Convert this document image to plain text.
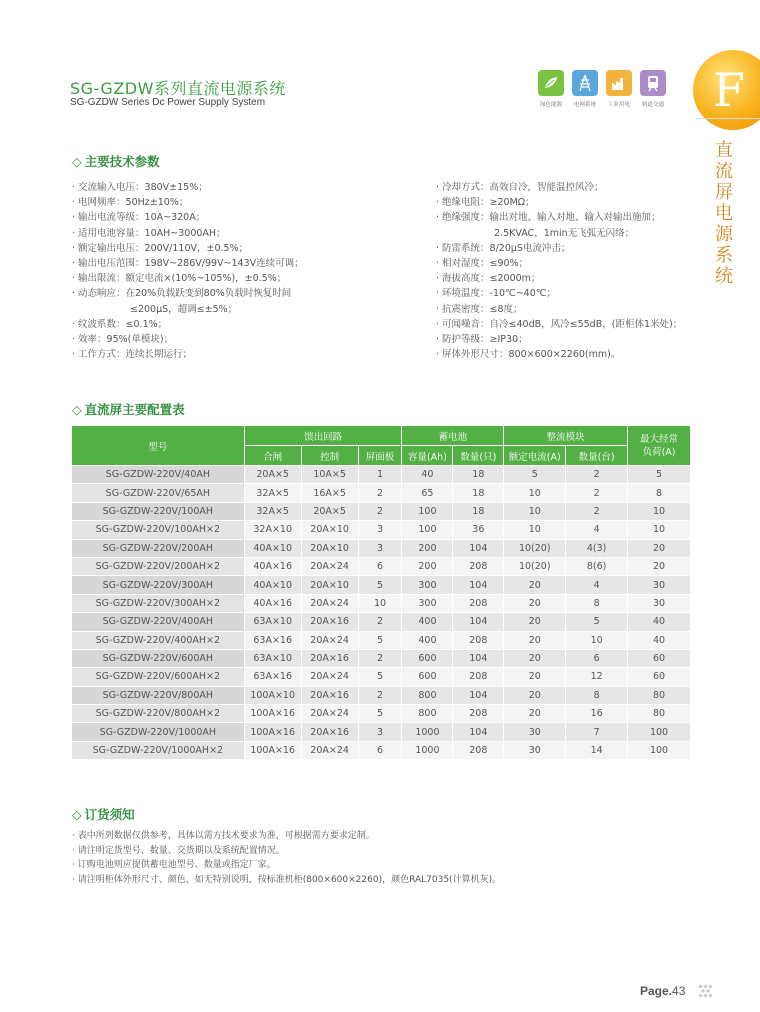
SG-GZDW系列直流电源系统
SG-GZDW Series Dc Power Supply System	绿色能源	电网系统	工业用电	轨道交通	F
直
流
屏
电
源
系
统
◇ 主要技术参数
· 交流输入电压：380V±15%；
· 电网频率：50Hz±10%；
· 输出电流等级：10A~320A；
· 适用电池容量：10AH~3000AH；
· 额定输出电压：200V/110V，±0.5%；
· 输出电压范围：198V~286V/99V~143V连续可调；
· 输出限流：额定电流×(10%~105%)，±0.5%；
· 动态响应：在20%负载跃变到80%负载时恢复时间
≤200μS，超调≤±5%；
· 纹波系数：≤0.1%；
· 效率：95%(单模块)；
· 工作方式：连续长期运行；
· 冷却方式：高效自冷，智能温控风冷；
· 绝缘电阻：≥20MΩ；
· 绝缘强度：输出对地、输入对地、输入对输出施加；
2.5KVAC，1min无飞弧无闪络；
· 防雷系统：8/20μS电流冲击；
· 相对湿度：≤90%；
· 海拔高度：≤2000m；
· 环境温度：-10℃~40℃；
· 抗震密度：≤8度；
· 可闻噪音：自冷≤40dB，风冷≤55dB，(距柜体1米处)；
· 防护等级：≥IP30；
· 屏体外形尺寸：800×600×2260(mm)。
◇ 直流屏主要配置表
型号	馈出回路			蓄电池		整流模块		最大经常
负荷(A)
	合闸	控制	屏面板	容量(Ah)	数量(只)	额定电流(A)	数量(台)	
SG-GZDW-220V/40AH	20A×5	10A×5	1	40	18	5	2	5
SG-GZDW-220V/65AH	32A×5	16A×5	2	65	18	10	2	8
SG-GZDW-220V/100AH	32A×5	20A×5	2	100	18	10	2	10
SG-GZDW-220V/100AH×2	32A×10	20A×10	3	100	36	10	4	10
SG-GZDW-220V/200AH	40A×10	20A×10	3	200	104	10(20)	4(3)	20
SG-GZDW-220V/200AH×2	40A×16	20A×24	6	200	208	10(20)	8(6)	20
SG-GZDW-220V/300AH	40A×10	20A×10	5	300	104	20	4	30
SG-GZDW-220V/300AH×2	40A×16	20A×24	10	300	208	20	8	30
SG-GZDW-220V/400AH	63A×10	20A×16	2	400	104	20	5	40
SG-GZDW-220V/400AH×2	63A×16	20A×24	5	400	208	20	10	40
SG-GZDW-220V/600AH	63A×10	20A×16	2	600	104	20	6	60
SG-GZDW-220V/600AH×2	63A×16	20A×24	5	600	208	20	12	60
SG-GZDW-220V/800AH	100A×10	20A×16	2	800	104	20	8	80
SG-GZDW-220V/800AH×2	100A×16	20A×24	5	800	208	20	16	80
SG-GZDW-220V/1000AH	100A×16	20A×16	3	1000	104	30	7	100
SG-GZDW-220V/1000AH×2	100A×16	20A×24	6	1000	208	30	14	100
◇ 订货须知
· 表中所列数据仅供参考，具体以需方技术要求为准，可根据需方要求定制。
· 请注明定货型号、数量、交货期以及系统配置情况。
· 订购电池则应提供蓄电池型号、数量或指定厂家。
· 请注明柜体外形尺寸、颜色，如无特别说明，按标准机柜(800×600×2260)，颜色RAL7035(计算机灰)。
Page.43
